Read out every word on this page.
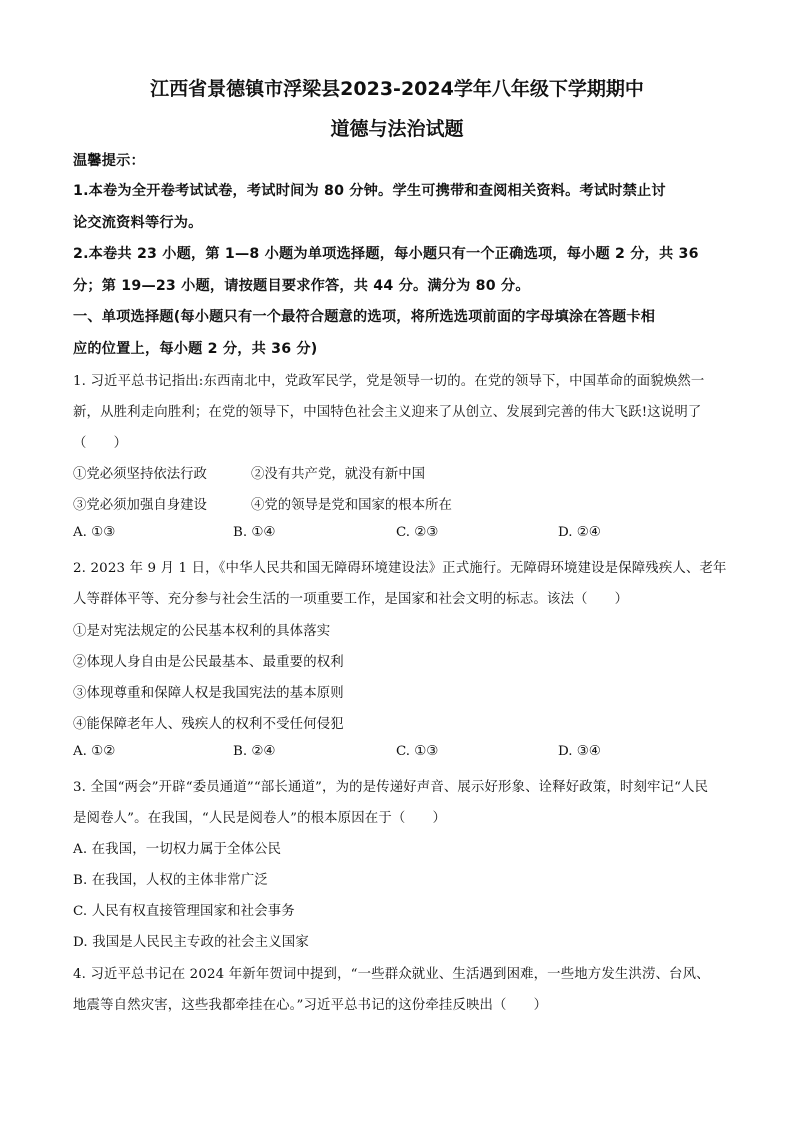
江西省景德镇市浮梁县2023-2024学年八年级下学期期中
道德与法治试题
温馨提示：
1.本卷为全开卷考试试卷，考试时间为 80 分钟。学生可携带和查阅相关资料。考试时禁止讨
论交流资料等行为。
2.本卷共 23 小题，第 1—8 小题为单项选择题，每小题只有一个正确选项，每小题 2 分，共 36
分；第 19—23 小题，请按题目要求作答，共 44 分。满分为 80 分。
一、单项选择题(每小题只有一个最符合题意的选项，将所选选项前面的字母填涂在答题卡相
应的位置上，每小题 2 分，共 36 分)
1. 习近平总书记指出:东西南北中，党政军民学，党是领导一切的。在党的领导下，中国革命的面貌焕然一
新，从胜利走向胜利；在党的领导下，中国特色社会主义迎来了从创立、发展到完善的伟大飞跃!这说明了
（　　）
①党必须坚持依法行政	②没有共产党，就没有新中国
③党必须加强自身建设	④党的领导是党和国家的根本所在
A. ①③	B. ①④	C. ②③	D. ②④
2. 2023 年 9 月 1 日，《中华人民共和国无障碍环境建设法》正式施行。无障碍环境建设是保障残疾人、老年
人等群体平等、充分参与社会生活的一项重要工作，是国家和社会文明的标志。该法（　　）
①是对宪法规定的公民基本权利的具体落实
②体现人身自由是公民最基本、最重要的权利
③体现尊重和保障人权是我国宪法的基本原则
④能保障老年人、残疾人的权利不受任何侵犯
A. ①②	B. ②④	C. ①③	D. ③④
3. 全国“两会”开辟“委员通道”“部长通道”，为的是传递好声音、展示好形象、诠释好政策，时刻牢记“人民
是阅卷人”。在我国，“人民是阅卷人”的根本原因在于（　　）
A. 在我国，一切权力属于全体公民
B. 在我国，人权的主体非常广泛
C. 人民有权直接管理国家和社会事务
D. 我国是人民民主专政的社会主义国家
4. 习近平总书记在 2024 年新年贺词中提到，“一些群众就业、生活遇到困难，一些地方发生洪涝、台风、
地震等自然灾害，这些我都牵挂在心。”习近平总书记的这份牵挂反映出（　　）
